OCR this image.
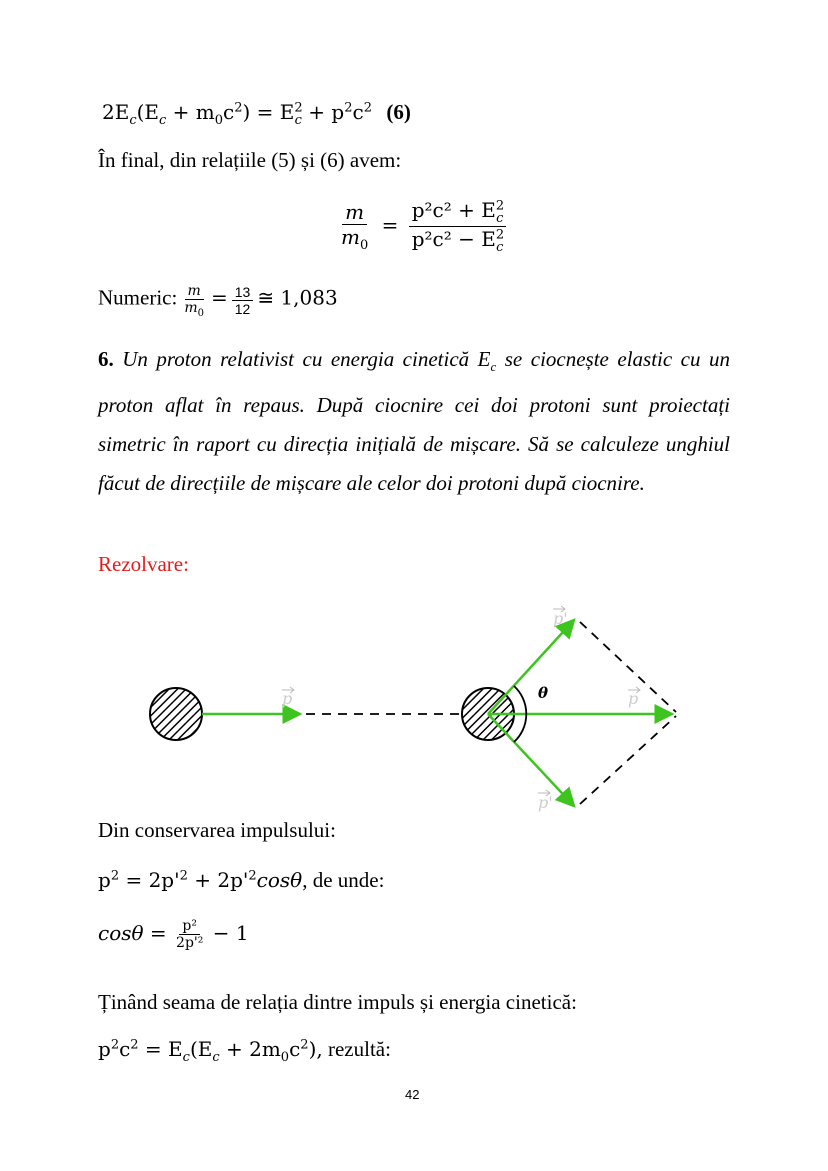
$2E_c(E_c + m_0c^2) = E^2_c + p^2c^2$ (6)
În final, din relațiile (5) și (6) avem:
$\frac{m}{m_0} = \frac{p^2c^2 + E^2_c}{p^2c^2 - E^2_c}$
Numeric: $\frac{m}{m_0} = \frac{13}{12}$ ≅ 1,083
6. Un proton relativist cu energia cinetică $E_c$ se ciocnește elastic cu un proton aflat în repaus. După ciocnire cei doi protoni sunt proiectați simetric în raport cu direcția inițială de mișcare. Să se calculeze unghiul făcut de direcțiile de mișcare ale celor doi protoni după ciocnire.
Rezolvare:
p
p'
p'
p
θ
Din conservarea impulsului:
$p^2 = 2p'^2 + 2p'^2\cos\theta$, de unde:
$\cos\theta = \frac{\text{p²}}{\text{2p'²}} - 1$
Ținând seama de relația dintre impuls și energia cinetică:
$p^2c^2 = E_c(E_c + 2m_0c^2)$, rezultă:
42
